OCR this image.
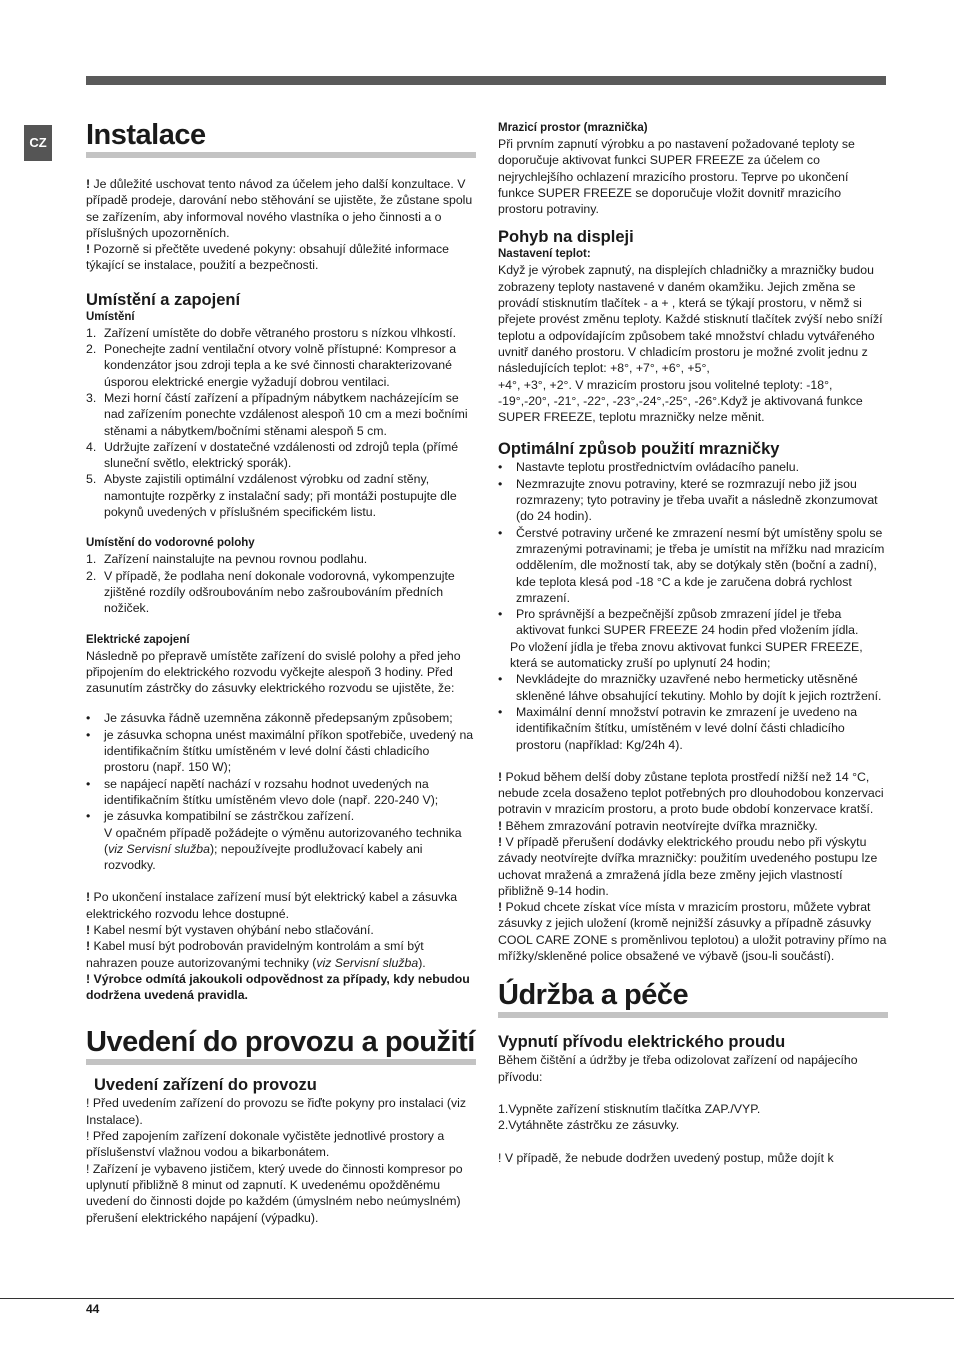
CZ Instalace

! Je důležité uschovat tento návod za účelem jeho další konzultace. V případě prodeje, darování nebo stěhování se ujistěte, že zůstane spolu se zařízením, aby informoval nového vlastníka o jeho činnosti a o příslušných upozorněních.

! Pozorně si přečtěte uvedené pokyny: obsahují důležité informace týkající se instalace, použití a bezpečnosti.

Umístění a zapojení
Umístění
1. Zařízení umístěte do dobře větraného prostoru s nízkou vlhkostí.
2. Ponechejte zadní ventilační otvory volně přístupné: Kompresor a kondenzátor jsou zdroji tepla a ke své činnosti charakterizované úsporou elektrické energie vyžadují dobrou ventilaci.
3. Mezi horní částí zařízení a případným nábytkem nacházejícím se nad zařízením ponechte vzdálenost alespoň 10 cm a mezi bočními stěnami a nábytkem/bočními stěnami alespoň 5 cm.
4. Udržujte zařízení v dostatečné vzdálenosti od zdrojů tepla (přímé sluneční světlo, elektrický sporák).
5. Abyste zajistili optimální vzdálenost výrobku od zadní stěny, namontujte rozpěrky z instalační sady; při montáži postupujte dle pokynů uvedených v příslušném specifickém listu.
Umístění do vodorovné polohy
1. Zařízení nainstalujte na pevnou rovnou podlahu.
2. V případě, že podlaha není dokonale vodorovná, vykompenzujte zjištěné rozdíly odšroubováním nebo zašroubováním předních nožiček.
Elektrické zapojení

Následně po přepravě umístěte zařízení do svislé polohy a před jeho připojením do elektrického rozvodu vyčkejte alespoň 3 hodiny. Před zasunutím zástrčky do zásuvky elektrického rozvodu se ujistěte, že:

• Je zásuvka řádně uzemněna zákonně předepsaným způsobem;
• je zásuvka schopna unést maximální příkon spotřebiče, uvedený na identifikačním štítku umístěném v levé dolní části chladicího prostoru (např. 150 W);
• se napájecí napětí nachází v rozsahu hodnot uvedených na identifikačním štítku umístěném vlevo dole (např. 220-240 V);
• je zásuvka kompatibilní se zástrčkou zařízení.

V opačném případě požádejte o výměnu autorizovaného technika (viz Servisní služba); nepoužívejte prodlužovací kabely ani rozvodky.

! Po ukončení instalace zařízení musí být elektrický kabel a zásuvka elektrického rozvodu lehce dostupné.

! Kabel nesmí být vystaven ohýbání nebo stlačování.

! Kabel musí být podrobován pravidelným kontrolám a smí být nahrazen pouze autorizovanými techniky (viz Servisní služba).

! Výrobce odmítá jakoukoli odpovědnost za případy, kdy nebudou dodržena uvedená pravidla.

Uvedení do provozu a použití
Uvedení zařízení do provozu

! Před uvedením zařízení do provozu se řiďte pokyny pro instalaci (viz Instalace).

! Před zapojením zařízení dokonale vyčistěte jednotlivé prostory a příslušenství vlažnou vodou a bikarbonátem.

! Zařízení je vybaveno jističem, který uvede do činnosti kompresor po uplynutí přibližně 8 minut od zapnutí. K uvedenému opožděnému uvedení do činnosti dojde po každém (úmyslném nebo neúmyslném) přerušení elektrického napájení (výpadku).

Mrazicí prostor (mraznička)

Při prvním zapnutí výrobku a po nastavení požadované teploty se doporučuje aktivovat funkci SUPER FREEZE za účelem co nejrychlejšího ochlazení mrazicího prostoru. Teprve po ukončení funkce SUPER FREEZE se doporučuje vložit dovnitř mrazicího prostoru potraviny.

Pohyb na displeji
Nastavení teplot:

Když je výrobek zapnutý, na displejích chladničky a mrazničky budou zobrazeny teploty nastavené v daném okamžiku. Jejich změna se provádí stisknutím tlačítek - a + , která se týkají prostoru, v němž si přejete provést změnu teploty. Každé stisknutí tlačítek zvýší nebo sníží teplotu a odpovídajícím způsobem také množství chladu vytvářeného uvnitř daného prostoru. V chladicím prostoru je možné zvolit jednu z následujících teplot: +8°, +7°, +6°, +5°,

+4°, +3°, +2°. V mrazicím prostoru jsou volitelné teploty: -18°, -19°,-20°, -21°, -22°, -23°,-24°,-25°, -26°.Když je aktivovaná funkce SUPER FREEZE, teplotu mrazničky nelze měnit.

Optimální způsob použití mrazničky
• Nastavte teplotu prostřednictvím ovládacího panelu.
• Nezmrazujte znovu potraviny, které se rozmrazují nebo již jsou rozmrazeny; tyto potraviny je třeba uvařit a následně zkonzumovat (do 24 hodin).
• Čerstvé potraviny určené ke zmrazení nesmí být umístěny spolu se zmrazenými potravinami; je třeba je umístit na mřížku nad mrazicím oddělením, dle možností tak, aby se dotýkaly stěn (boční a zadní), kde teplota klesá pod -18 °C a kde je zaručena dobrá rychlost zmrazení.
• Pro správnější a bezpečnější způsob zmrazení jídel je třeba aktivovat funkci SUPER FREEZE 24 hodin před vložením jídla.

Po vložení jídla je třeba znovu aktivovat funkci SUPER FREEZE, která se automaticky zruší po uplynutí 24 hodin;

• Nevkládejte do mrazničky uzavřené nebo hermeticky utěsněné skleněné láhve obsahující tekutiny. Mohlo by dojít k jejich roztržení.
• Maximální denní množství potravin ke zmrazení je uvedeno na identifikačním štítku, umístěném v levé dolní části chladicího prostoru (například: Kg/24h 4).

! Pokud během delší doby zůstane teplota prostředí nižší než 14 °C, nebude zcela dosaženo teplot potřebných pro dlouhodobou konzervaci potravin v mrazicím prostoru, a proto bude období konzervace kratší.

! Během zmrazování potravin neotvírejte dvířka mrazničky.

! V případě přerušení dodávky elektrického proudu nebo při výskytu závady neotvírejte dvířka mrazničky: použitím uvedeného postupu lze uchovat mražená a zmražená jídla beze změny jejich vlastností přibližně 9-14 hodin.

! Pokud chcete získat více místa v mrazicím prostoru, můžete vybrat zásuvky z jejich uložení (kromě nejnižší zásuvky a případně zásuvky COOL CARE ZONE s proměnlivou teplotou) a uložit potraviny přímo na mřížky/skleněné police obsažené ve výbavě (jsou-li součástí).

Údržba a péče
Vypnutí přívodu elektrického proudu

Během čištění a údržby je třeba odizolovat zařízení od napájecího přívodu:

1.Vypněte zařízení stisknutím tlačítka ZAP./VYP.

2.Vytáhněte zástrčku ze zásuvky.

! V případě, že nebude dodržen uvedený postup, může dojít k

44
